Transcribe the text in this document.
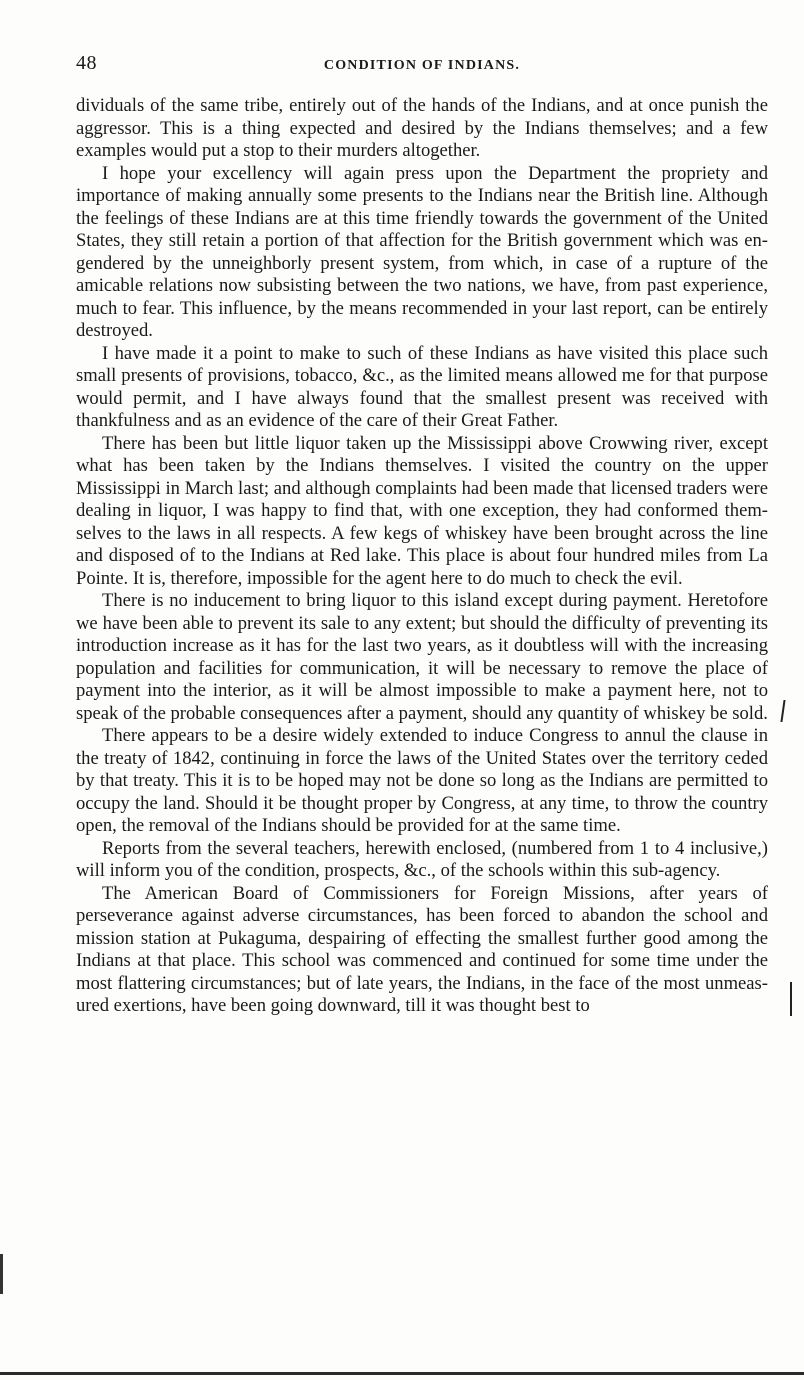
48	CONDITION OF INDIANS.

dividuals of the same tribe, entirely out of the hands of the Indians, and at once punish the aggressor. This is a thing expected and desired by the Indians themselves; and a few examples would put a stop to their murders altogether.

I hope your excellency will again press upon the Department the propriety and importance of making annually some presents to the Indians near the British line. Although the feelings of these Indians are at this time friendly towards the government of the United States, they still retain a portion of that affection for the British government which was engendered by the unneighborly present system, from which, in case of a rupture of the amicable relations now subsisting between the two nations, we have, from past experience, much to fear. This influence, by the means recommended in your last report, can be entirely destroyed.

I have made it a point to make to such of these Indians as have visited this place such small presents of provisions, tobacco, &c., as the limited means allowed me for that purpose would permit, and I have always found that the smallest present was received with thankfulness and as an evidence of the care of their Great Father.

There has been but little liquor taken up the Mississippi above Crowwing river, except what has been taken by the Indians themselves. I visited the country on the upper Mississippi in March last; and although complaints had been made that licensed traders were dealing in liquor, I was happy to find that, with one exception, they had conformed themselves to the laws in all respects. A few kegs of whiskey have been brought across the line and disposed of to the Indians at Red lake. This place is about four hundred miles from La Pointe. It is, therefore, impossible for the agent here to do much to check the evil.

There is no inducement to bring liquor to this island except during payment. Heretofore we have been able to prevent its sale to any extent; but should the difficulty of preventing its introduction increase as it has for the last two years, as it doubtless will with the increasing population and facilities for communication, it will be necessary to remove the place of payment into the interior, as it will be almost impossible to make a payment here, not to speak of the probable consequences after a payment, should any quantity of whiskey be sold.

There appears to be a desire widely extended to induce Congress to annul the clause in the treaty of 1842, continuing in force the laws of the United States over the territory ceded by that treaty. This it is to be hoped may not be done so long as the Indians are permitted to occupy the land. Should it be thought proper by Congress, at any time, to throw the country open, the removal of the Indians should be provided for at the same time.

Reports from the several teachers, herewith enclosed, (numbered from 1 to 4 inclusive,) will inform you of the condition, prospects, &c., of the schools within this sub-agency.

The American Board of Commissioners for Foreign Missions, after years of perseverance against adverse circumstances, has been forced to abandon the school and mission station at Pukaguma, despairing of effecting the smallest further good among the Indians at that place. This school was commenced and continued for some time under the most flattering circumstances; but of late years, the Indians, in the face of the most unmeasured exertions, have been going downward, till it was thought best to
